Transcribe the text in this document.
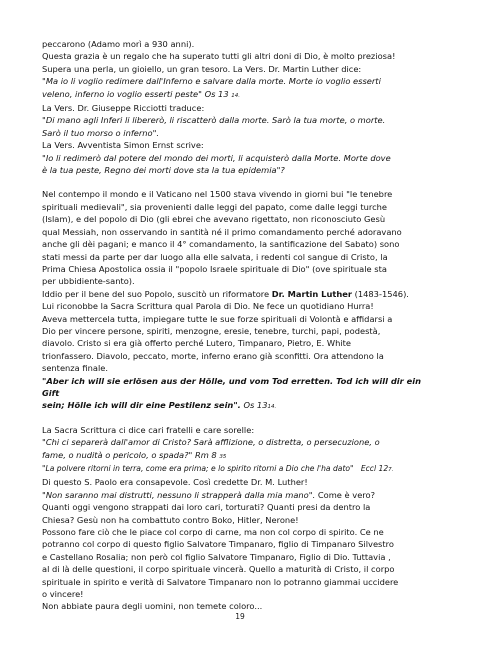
peccarono (Adamo morì a 930 anni).

Questa grazia è un regalo che ha superato tutti gli altri doni di Dio, è molto preziosa!

Supera una perla, un gioiello, un gran tesoro. La Vers. Dr. Martin Luther dice:

"Ma io li voglio redimere dall'Inferno e salvare dalla morte. Morte io voglio esserti

veleno, inferno io voglio esserti peste" Os 13 14.

La Vers. Dr. Giuseppe Ricciotti traduce:

"Di mano agli Inferi li libererò, li riscatterò dalla morte. Sarò la tua morte, o morte.

Sarò il tuo morso o inferno".

La Vers. Avventista Simon Ernst scrive:

"Io li redimerò dal potere del mondo dei morti, li acquisterò dalla Morte. Morte dove

è la tua peste, Regno dei morti dove sta la tua epidemia"?

Nel contempo il mondo e il Vaticano nel 1500 stava vivendo in giorni bui "le tenebre

spirituali medievali", sia provenienti dalle leggi del papato, come dalle leggi turche

(Islam), e del popolo di Dio (gli ebrei che avevano rigettato, non riconosciuto Gesù

qual Messiah, non osservando in santità né il primo comandamento perché adoravano

anche gli dèi pagani; e manco il 4° comandamento, la santificazione del Sabato) sono

stati messi da parte per dar luogo alla elle salvata, i redenti col sangue di Cristo, la

Prima Chiesa Apostolica ossia il "popolo Israele spirituale di Dio" (ove spirituale sta

per ubbidiente-santo).

Iddio per il bene del suo Popolo, suscitò un riformatore Dr. Martin Luther (1483-1546).

Lui riconobbe la Sacra Scrittura qual Parola di Dio. Ne fece un quotidiano Hurra!

Aveva mettercela tutta, impiegare tutte le sue forze spirituali di Volontà e affidarsi a

Dio per vincere persone, spiriti, menzogne, eresie, tenebre, turchi, papi, podestà,

diavolo. Cristo si era già offerto perché Lutero, Timpanaro, Pietro, E. White

trionfassero. Diavolo, peccato, morte, inferno erano già sconfitti. Ora attendono la

sentenza finale.

"Aber ich will sie erlösen aus der Hölle, und vom Tod erretten. Tod ich will dir ein Gift

sein; Hölle ich will dir eine Pestilenz sein". Os 1314.

La Sacra Scrittura ci dice cari fratelli e care sorelle:

"Chi ci separerà dall'amor di Cristo? Sarà afflizione, o distretta, o persecuzione, o

fame, o nudità o pericolo, o spada?" Rm 8 35

"La polvere ritorni in terra, come era prima; e lo spirito ritorni a Dio che l'ha dato" Eccl 127.

Di questo S. Paolo era consapevole. Così credette Dr. M. Luther!

"Non saranno mai distrutti, nessuno li strapperà dalla mia mano". Come è vero?

Quanti oggi vengono strappati dai loro cari, torturati? Quanti presi da dentro la

Chiesa? Gesù non ha combattuto contro Boko, Hitler, Nerone!

Possono fare ciò che le piace col corpo di carne, ma non col corpo di spirito. Ce ne

potranno col corpo di questo figlio Salvatore Timpanaro, figlio di Timpanaro Silvestro

e Castellano Rosalia; non però col figlio Salvatore Timpanaro, Figlio di Dio. Tuttavia ,

al di là delle questioni, il corpo spirituale vincerà. Quello a maturità di Cristo, il corpo

spirituale in spirito e verità di Salvatore Timpanaro non lo potranno giammai uccidere

o vincere!

Non abbiate paura degli uomini, non temete coloro...

19
